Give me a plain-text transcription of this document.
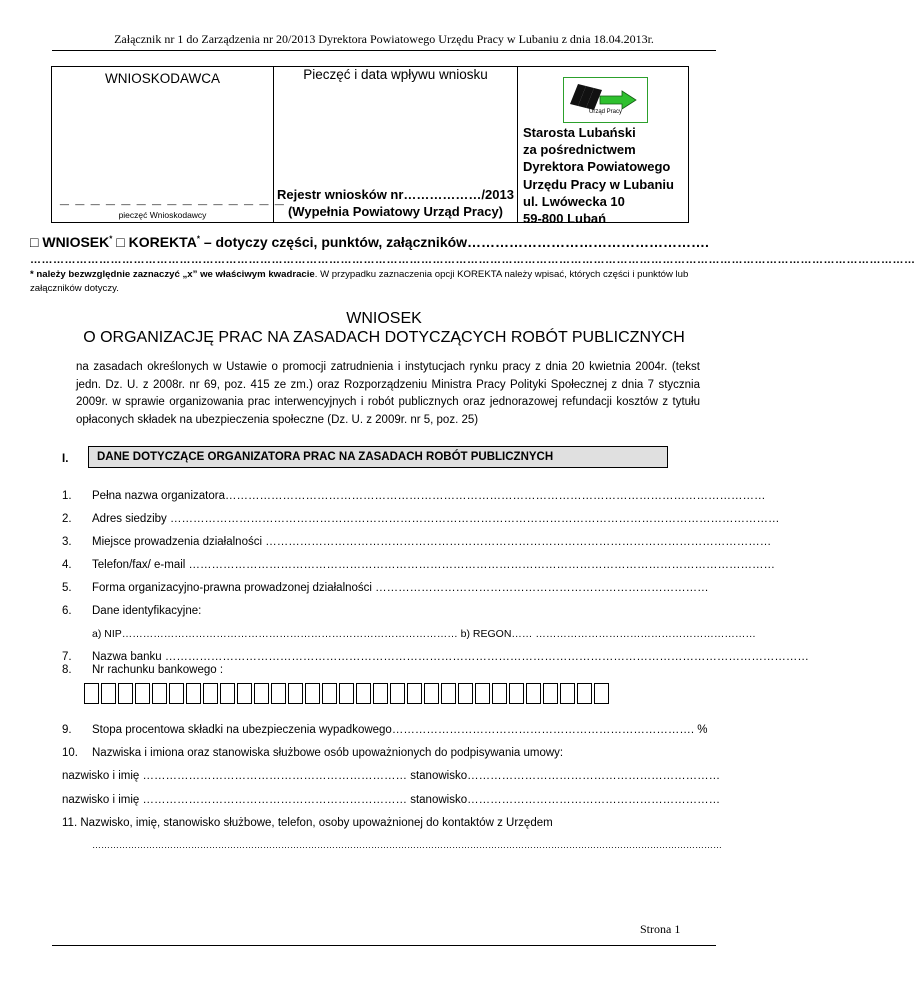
Załącznik nr 1 do Zarządzenia nr 20/2013 Dyrektora Powiatowego Urzędu Pracy w Lubaniu z dnia 18.04.2013r.
WNIOSKODAWCA
_ _ _ _ _ _ _ _ _ _ _ _ _ _ _
pieczęć Wnioskodawcy
Pieczęć i data wpływu wniosku
Rejestr wniosków nr………………/2013
(Wypełnia Powiatowy Urząd Pracy)
Urząd Pracy
Starosta Lubański
za pośrednictwem
Dyrektora Powiatowego
Urzędu Pracy w Lubaniu
ul. Lwówecka 10
59-800 Lubań
□ WNIOSEK* □ KOREKTA* – dotyczy części, punktów, załączników…………………………………………….
……………………………………………………………………………………………………………………………………………………………………………………………………………
* należy bezwzględnie zaznaczyć „x” we właściwym kwadracie. W przypadku zaznaczenia opcji KOREKTA należy wpisać, których części i punktów lub załączników dotyczy.
WNIOSEK
O ORGANIZACJĘ PRAC NA ZASADACH DOTYCZĄCYCH ROBÓT PUBLICZNYCH
na zasadach określonych w Ustawie o promocji zatrudnienia i instytucjach rynku pracy z dnia 20 kwietnia 2004r. (tekst jedn. Dz. U. z 2008r. nr 69, poz. 415 ze zm.) oraz Rozporządzeniu Ministra Pracy Polityki Społecznej z dnia 7 stycznia 2009r. w sprawie organizowania prac interwencyjnych i robót publicznych oraz jednorazowej refundacji kosztów z tytułu opłaconych składek na ubezpieczenia społeczne (Dz. U. z 2009r. nr 5, poz. 25)
I. DANE DOTYCZĄCE ORGANIZATORA PRAC NA ZASADACH ROBÓT PUBLICZNYCH
1. Pełna nazwa organizatora……………………………………………………………………………………………………………………………
2. Adres siedziby ……………………………………………………………………………………………………………………………………………
3. Miejsce prowadzenia działalności ……………………………………………………………………………………………………………………
4. Telefon/fax/ e-mail ………………………………………………………………………………………………………………………………………
5. Forma organizacyjno-prawna prowadzonej działalności ……………………………………………………………………………
6. Dane identyfikacyjne:
a) NIP…………………………………………………………………………………… b) REGON…… ………………………………………………………
7. Nazwa banku ……………………………………………………………………………………………………………………………………………………
8. Nr rachunku bankowego :
9. Stopa procentowa składki na ubezpieczenia wypadkowego……………………………………………………………………. %
10. Nazwiska i imiona oraz stanowiska służbowe osób upoważnionych do podpisywania umowy:
nazwisko i imię …………………………………………………………… stanowisko…………………………………………………………
nazwisko i imię …………………………………………………………… stanowisko…………………………………………………………
11. Nazwisko, imię, stanowisko służbowe, telefon, osoby upoważnionej do kontaktów z Urzędem
…………………………………………………………………………………………………………………………………………………………………………………………
Strona 1
